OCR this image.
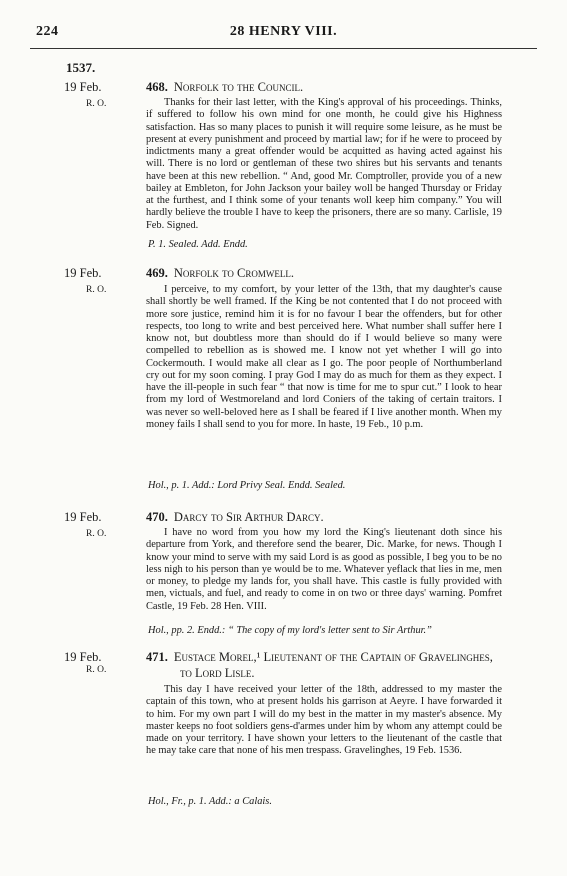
224	28 HENRY VIII.
1537.
19 Feb.
R. O.
468. Norfolk to the Council.
Thanks for their last letter, with the King's approval of his proceedings. Thinks, if suffered to follow his own mind for one month, he could give his Highness satisfaction. Has so many places to punish it will require some leisure, as he must be present at every punishment and proceed by martial law; for if he were to proceed by indictments many a great offender would be acquitted as having acted against his will. There is no lord or gentleman of these two shires but his servants and tenants have been at this new rebellion. “ And, good Mr. Comptroller, provide you of a new bailey at Embleton, for John Jackson your bailey woll be hanged Thursday or Friday at the furthest, and I think some of your tenants woll keep him company.” You will hardly believe the trouble I have to keep the prisoners, there are so many. Carlisle, 19 Feb. Signed.
P. 1. Sealed. Add. Endd.
19 Feb.
R. O.
469. Norfolk to Cromwell.
I perceive, to my comfort, by your letter of the 13th, that my daughter's cause shall shortly be well framed. If the King be not contented that I do not proceed with more sore justice, remind him it is for no favour I bear the offenders, but for other respects, too long to write and best perceived here. What number shall suffer here I know not, but doubtless more than should do if I would believe so many were compelled to rebellion as is showed me. I know not yet whether I will go into Cockermouth. I would make all clear as I go. The poor people of Northumberland cry out for my soon coming. I pray God I may do as much for them as they expect. I have the ill-people in such fear “ that now is time for me to spur cut.” I look to hear from my lord of Westmoreland and lord Coniers of the taking of certain traitors. I was never so well-beloved here as I shall be feared if I live another month. When my money fails I shall send to you for more. In haste, 19 Feb., 10 p.m.
Hol., p. 1. Add.: Lord Privy Seal. Endd. Sealed.
19 Feb.
R. O.
470. Darcy to Sir Arthur Darcy.
I have no word from you how my lord the King's lieutenant doth since his departure from York, and therefore send the bearer, Dic. Marke, for news. Though I know your mind to serve with my said Lord is as good as possible, I beg you to be no less nigh to his person than ye would be to me. Whatever yeflack that lies in me, men or money, to pledge my lands for, you shall have. This castle is fully provided with men, victuals, and fuel, and ready to come in on two or three days' warning. Pomfret Castle, 19 Feb. 28 Hen. VIII.
Hol., pp. 2. Endd.: “ The copy of my lord's letter sent to Sir Arthur.”
19 Feb.
R. O.
471. Eustace Morel,¹ Lieutenant of the Captain of Gravelinghes,
to Lord Lisle.
This day I have received your letter of the 18th, addressed to my master the captain of this town, who at present holds his garrison at Aeyre. I have forwarded it to him. For my own part I will do my best in the matter in my master's absence. My master keeps no foot soldiers gens-d'armes under him by whom any attempt could be made on your territory. I have shown your letters to the lieutenant of the castle that he may take care that none of his men trespass. Gravelinghes, 19 Feb. 1536.
Hol., Fr., p. 1. Add.: a Calais.
